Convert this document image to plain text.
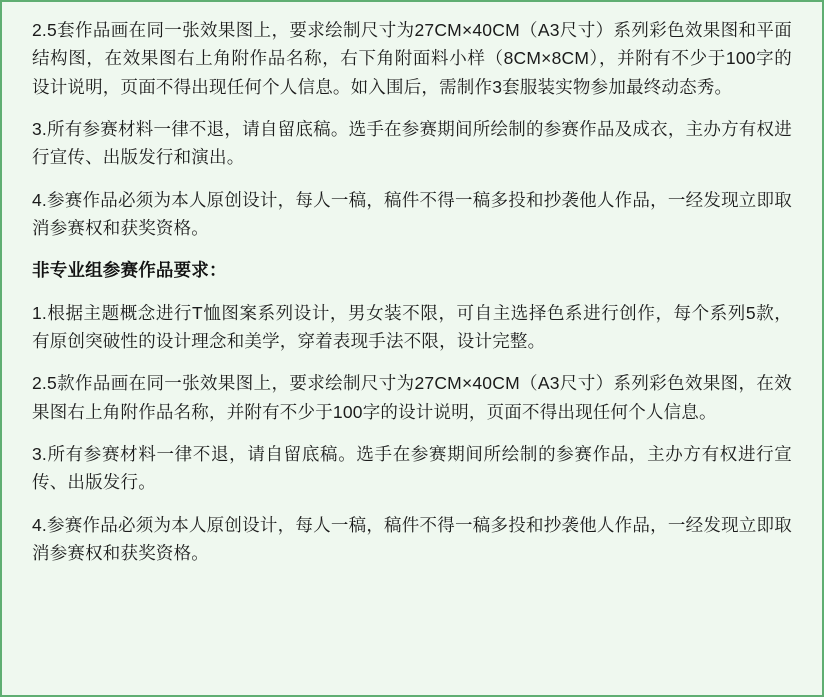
2.5套作品画在同一张效果图上，要求绘制尺寸为27CM×40CM（A3尺寸）系列彩色效果图和平面结构图，在效果图右上角附作品名称，右下角附面料小样（8CM×8CM），并附有不少于100字的设计说明，页面不得出现任何个人信息。如入围后，需制作3套服装实物参加最终动态秀。

3.所有参赛材料一律不退，请自留底稿。选手在参赛期间所绘制的参赛作品及成衣，主办方有权进行宣传、出版发行和演出。

4.参赛作品必须为本人原创设计，每人一稿，稿件不得一稿多投和抄袭他人作品，一经发现立即取消参赛权和获奖资格。

非专业组参赛作品要求：

1.根据主题概念进行T恤图案系列设计，男女装不限，可自主选择色系进行创作，每个系列5款，有原创突破性的设计理念和美学，穿着表现手法不限，设计完整。

2.5款作品画在同一张效果图上，要求绘制尺寸为27CM×40CM（A3尺寸）系列彩色效果图，在效果图右上角附作品名称，并附有不少于100字的设计说明，页面不得出现任何个人信息。

3.所有参赛材料一律不退，请自留底稿。选手在参赛期间所绘制的参赛作品，主办方有权进行宣传、出版发行。

4.参赛作品必须为本人原创设计，每人一稿，稿件不得一稿多投和抄袭他人作品，一经发现立即取消参赛权和获奖资格。
